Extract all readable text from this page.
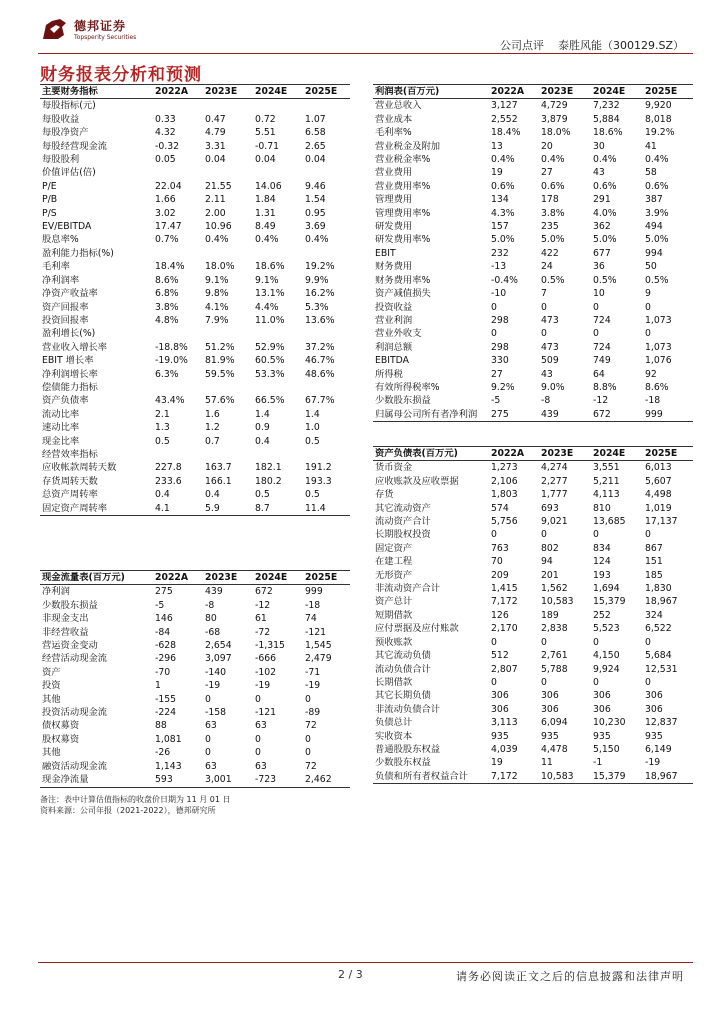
德邦证券
Topsperity Securities
公司点评 泰胜风能（300129.SZ）
财务报表分析和预测
主要财务指标	2022A	2023E	2024E	2025E
每股指标(元)				
每股收益	0.33	0.47	0.72	1.07
每股净资产	4.32	4.79	5.51	6.58
每股经营现金流	-0.32	3.31	-0.71	2.65
每股股利	0.05	0.04	0.04	0.04
价值评估(倍)				
P/E	22.04	21.55	14.06	9.46
P/B	1.66	2.11	1.84	1.54
P/S	3.02	2.00	1.31	0.95
EV/EBITDA	17.47	10.96	8.49	3.69
股息率%	0.7%	0.4%	0.4%	0.4%
盈利能力指标(%)				
毛利率	18.4%	18.0%	18.6%	19.2%
净利润率	8.6%	9.1%	9.1%	9.9%
净资产收益率	6.8%	9.8%	13.1%	16.2%
资产回报率	3.8%	4.1%	4.4%	5.3%
投资回报率	4.8%	7.9%	11.0%	13.6%
盈利增长(%)				
营业收入增长率	-18.8%	51.2%	52.9%	37.2%
EBIT 增长率	-19.0%	81.9%	60.5%	46.7%
净利润增长率	6.3%	59.5%	53.3%	48.6%
偿债能力指标				
资产负债率	43.4%	57.6%	66.5%	67.7%
流动比率	2.1	1.6	1.4	1.4
速动比率	1.3	1.2	0.9	1.0
现金比率	0.5	0.7	0.4	0.5
经营效率指标				
应收帐款周转天数	227.8	163.7	182.1	191.2
存货周转天数	233.6	166.1	180.2	193.3
总资产周转率	0.4	0.4	0.5	0.5
固定资产周转率	4.1	5.9	8.7	11.4
利润表(百万元)	2022A	2023E	2024E	2025E
营业总收入	3,127	4,729	7,232	9,920
营业成本	2,552	3,879	5,884	8,018
毛利率%	18.4%	18.0%	18.6%	19.2%
营业税金及附加	13	20	30	41
营业税金率%	0.4%	0.4%	0.4%	0.4%
营业费用	19	27	43	58
营业费用率%	0.6%	0.6%	0.6%	0.6%
管理费用	134	178	291	387
管理费用率%	4.3%	3.8%	4.0%	3.9%
研发费用	157	235	362	494
研发费用率%	5.0%	5.0%	5.0%	5.0%
EBIT	232	422	677	994
财务费用	-13	24	36	50
财务费用率%	-0.4%	0.5%	0.5%	0.5%
资产减值损失	-10	7	10	9
投资收益	0	0	0	0
营业利润	298	473	724	1,073
营业外收支	0	0	0	0
利润总额	298	473	724	1,073
EBITDA	330	509	749	1,076
所得税	27	43	64	92
有效所得税率%	9.2%	9.0%	8.8%	8.6%
少数股东损益	-5	-8	-12	-18
归属母公司所有者净利润	275	439	672	999
资产负债表(百万元)	2022A	2023E	2024E	2025E
货币资金	1,273	4,274	3,551	6,013
应收账款及应收票据	2,106	2,277	5,211	5,607
存货	1,803	1,777	4,113	4,498
其它流动资产	574	693	810	1,019
流动资产合计	5,756	9,021	13,685	17,137
长期股权投资	0	0	0	0
固定资产	763	802	834	867
在建工程	70	94	124	151
无形资产	209	201	193	185
非流动资产合计	1,415	1,562	1,694	1,830
资产总计	7,172	10,583	15,379	18,967
短期借款	126	189	252	324
应付票据及应付账款	2,170	2,838	5,523	6,522
预收账款	0	0	0	0
其它流动负债	512	2,761	4,150	5,684
流动负债合计	2,807	5,788	9,924	12,531
长期借款	0	0	0	0
其它长期负债	306	306	306	306
非流动负债合计	306	306	306	306
负债总计	3,113	6,094	10,230	12,837
实收资本	935	935	935	935
普通股股东权益	4,039	4,478	5,150	6,149
少数股东权益	19	11	-1	-19
负债和所有者权益合计	7,172	10,583	15,379	18,967
现金流量表(百万元)	2022A	2023E	2024E	2025E
净利润	275	439	672	999
少数股东损益	-5	-8	-12	-18
非现金支出	146	80	61	74
非经营收益	-84	-68	-72	-121
营运资金变动	-628	2,654	-1,315	1,545
经营活动现金流	-296	3,097	-666	2,479
资产	-70	-140	-102	-71
投资	1	-19	-19	-19
其他	-155	0	0	0
投资活动现金流	-224	-158	-121	-89
债权募资	88	63	63	72
股权募资	1,081	0	0	0
其他	-26	0	0	0
融资活动现金流	1,143	63	63	72
现金净流量	593	3,001	-723	2,462
备注：表中计算估值指标的收盘价日期为 11 月 01 日
资料来源：公司年报（2021-2022），德邦研究所
2 / 3	请务必阅读正文之后的信息披露和法律声明
